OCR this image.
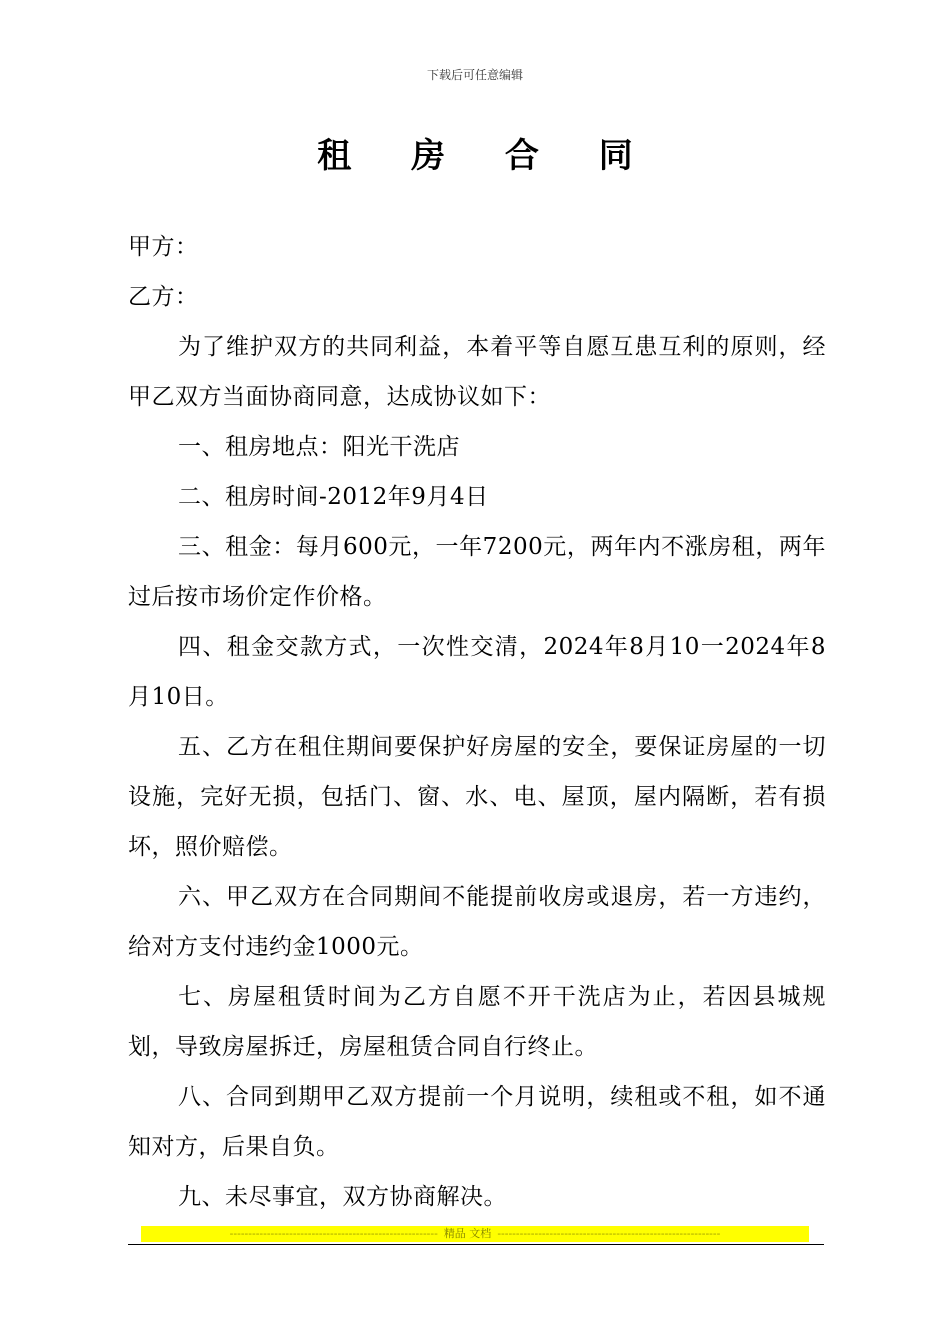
下载后可任意编辑
租 房 合 同

甲方：

乙方：

为了维护双方的共同利益，本着平等自愿互患互利的原则，经甲乙双方当面协商同意，达成协议如下：

一、租房地点：阳光干洗店

二、租房时间-2012年9月4日

三、租金：每月600元，一年7200元，两年内不涨房租，两年过后按市场价定作价格。

四、租金交款方式，一次性交清，2024年8月10一2024年8月10日。

五、乙方在租住期间要保护好房屋的安全，要保证房屋的一切设施，完好无损，包括门、窗、水、电、屋顶，屋内隔断，若有损坏，照价赔偿。

六、甲乙双方在合同期间不能提前收房或退房，若一方违约，给对方支付违约金1000元。

七、房屋租赁时间为乙方自愿不开干洗店为止，若因县城规划，导致房屋拆迁，房屋租赁合同自行终止。

八、合同到期甲乙双方提前一个月说明，续租或不租，如不通知对方，后果自负。

九、未尽事宜，双方协商解决。

-------------------------------------------------------- 精品 文档 ------------------------------------------------------------
